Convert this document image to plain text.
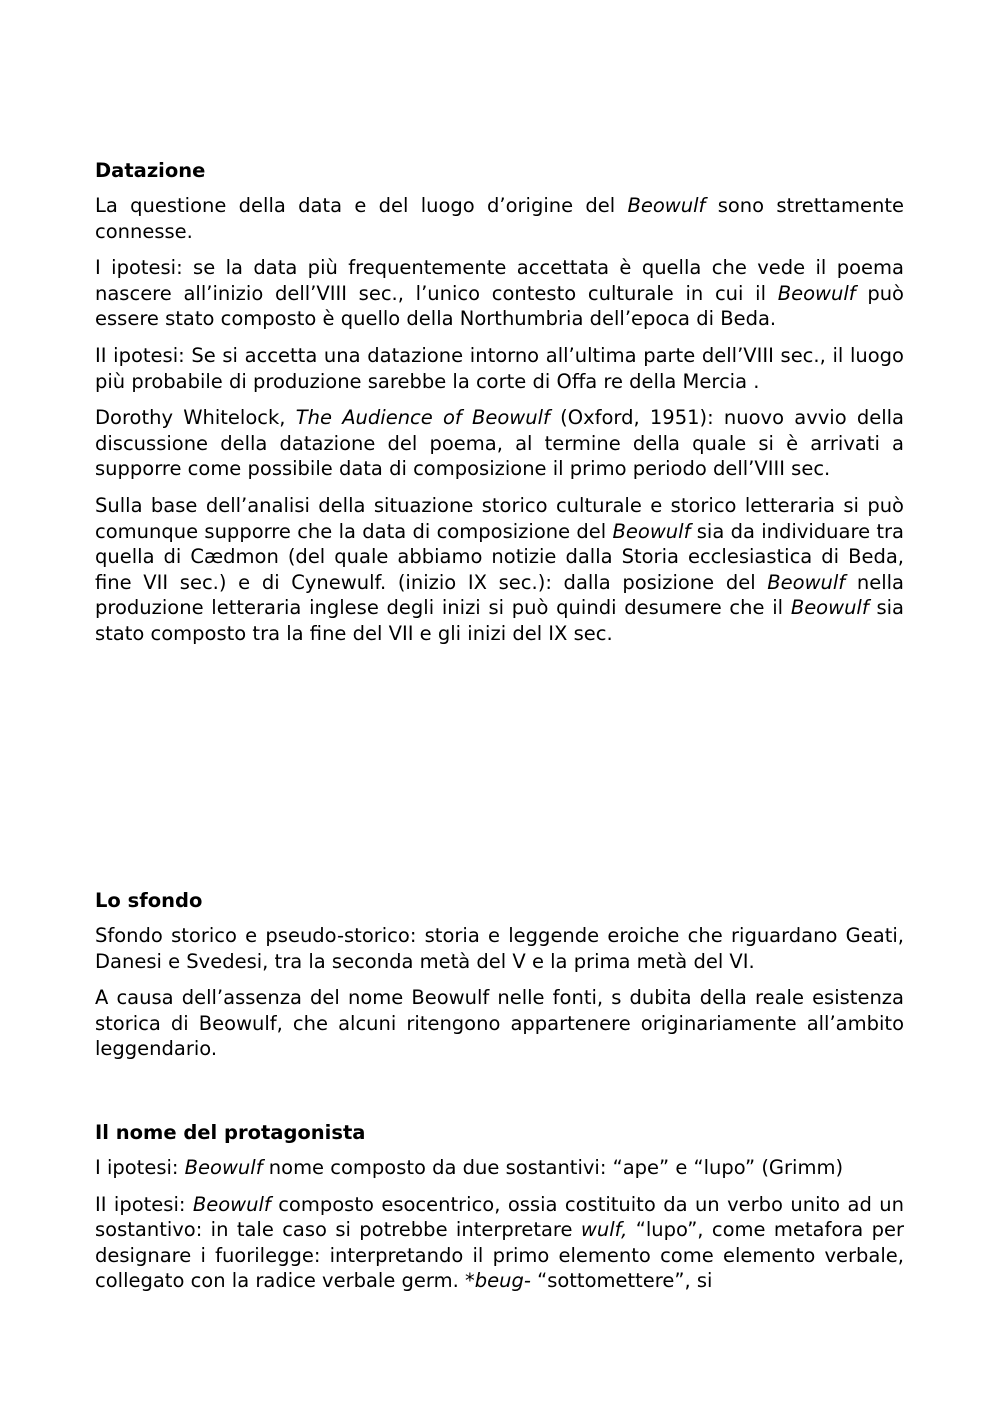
Datazione

La questione della data e del luogo d’origine del Beowulf sono strettamente connesse.

I ipotesi: se la data più frequentemente accettata è quella che vede il poema nascere all’inizio dell’VIII sec., l’unico contesto culturale in cui il Beowulf può essere stato composto è quello della Northumbria dell’epoca di Beda.

II ipotesi: Se si accetta una datazione intorno all’ultima parte dell’VIII sec., il luogo più probabile di produzione sarebbe la corte di Offa re della Mercia .

Dorothy Whitelock, The Audience of Beowulf (Oxford, 1951): nuovo avvio della discussione della datazione del poema, al termine della quale si è arrivati a supporre come possibile data di composizione il primo periodo dell’VIII sec.

Sulla base dell’analisi della situazione storico culturale e storico letteraria si può comunque supporre che la data di composizione del Beowulf sia da individuare tra quella di Cædmon (del quale abbiamo notizie dalla Storia ecclesiastica di Beda, fine VII sec.) e di Cynewulf. (inizio IX sec.): dalla posizione del Beowulf nella produzione letteraria inglese degli inizi si può quindi desumere che il Beowulf sia stato composto tra la fine del VII e gli inizi del IX sec.

Lo sfondo

Sfondo storico e pseudo-storico: storia e leggende eroiche che riguardano Geati, Danesi e Svedesi, tra la seconda metà del V e la prima metà del VI.

A causa dell’assenza del nome Beowulf nelle fonti, s dubita della reale esistenza storica di Beowulf, che alcuni ritengono appartenere originariamente all’ambito leggendario.

Il nome del protagonista

I ipotesi: Beowulf nome composto da due sostantivi: “ape” e “lupo” (Grimm)

II ipotesi: Beowulf composto esocentrico, ossia costituito da un verbo unito ad un sostantivo: in tale caso si potrebbe interpretare wulf, “lupo”, come metafora per designare i fuorilegge: interpretando il primo elemento come elemento verbale, collegato con la radice verbale germ. *beug- “sottomettere”, si
